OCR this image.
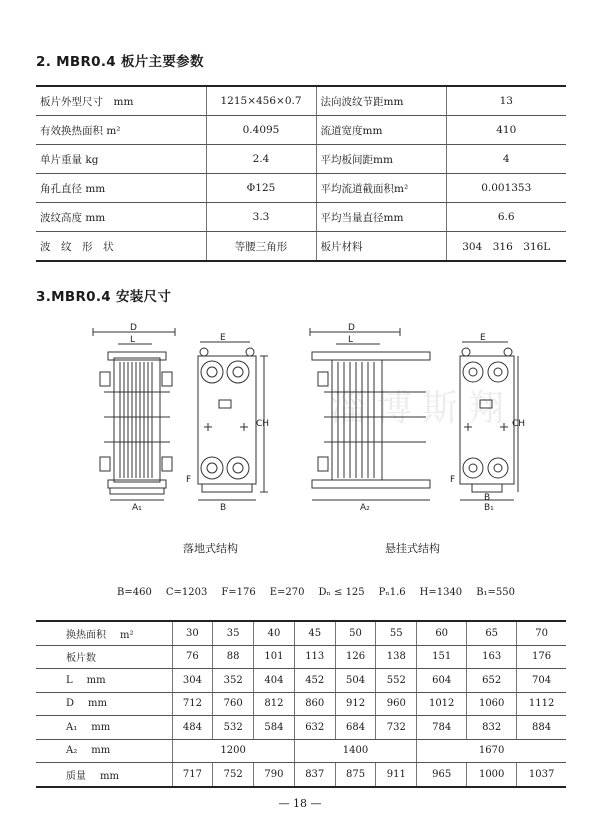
2. MBR0.4 板片主要参数
板片外型尺寸　mm	1215×456×0.7	法向波纹节距mm	13
有效换热面积 m²	0.4095	流道宽度mm	410
单片重量 kg	2.4	平均板间距mm	4
角孔直径 mm	Φ125	平均流道截面积m²	0.001353
波纹高度 mm	3.3	平均当量直径mm	6.6
波　纹　形　状	等腰三角形	板片材料	304　316　316L
3.MBR0.4 安装尺寸
淄博斯翔
D
L	E
CH
F
B
A₁
D
L	E
CH
F
A₂
B
B₁
落地式结构	悬挂式结构
B=460 C=1203 F=176 E=270 Dₙ ≤ 125 Pₙ1.6 H=1340 B₁=550
换热面积 m²	30	35	40	45	50	55	60	65	70
板片数	76	88	101	113	126	138	151	163	176
L mm	304	352	404	452	504	552	604	652	704
D mm	712	760	812	860	912	960	1012	1060	1112
A₁ mm	484	532	584	632	684	732	784	832	884
A₂ mm	1200			1400			1670		
质量 mm	717	752	790	837	875	911	965	1000	1037
— 18 —
